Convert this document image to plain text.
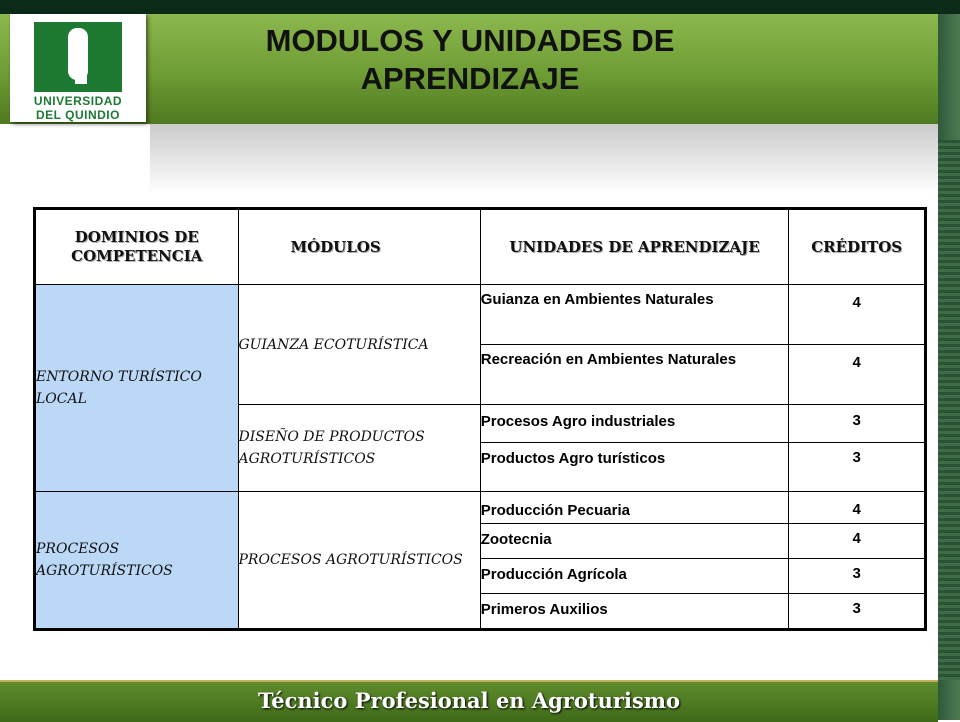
UNIVERSIDAD
DEL QUINDIO
MODULOS Y UNIDADES DE
APRENDIZAJE
DOMINIOS DE COMPETENCIA	MÓDULOS	UNIDADES DE APRENDIZAJE	CRÉDITOS
ENTORNO TURÍSTICO LOCAL	GUIANZA ECOTURÍSTICA	Guianza en Ambientes Naturales	4
		Recreación en Ambientes Naturales	4
	DISEÑO DE PRODUCTOS AGROTURÍSTICOS	Procesos Agro industriales	3
		Productos Agro turísticos	3
PROCESOS AGROTURÍSTICOS	PROCESOS AGROTURÍSTICOS	Producción Pecuaria	4
		Zootecnia	4
		Producción Agrícola	3
		Primeros Auxilios	3
Técnico Profesional en Agroturismo
